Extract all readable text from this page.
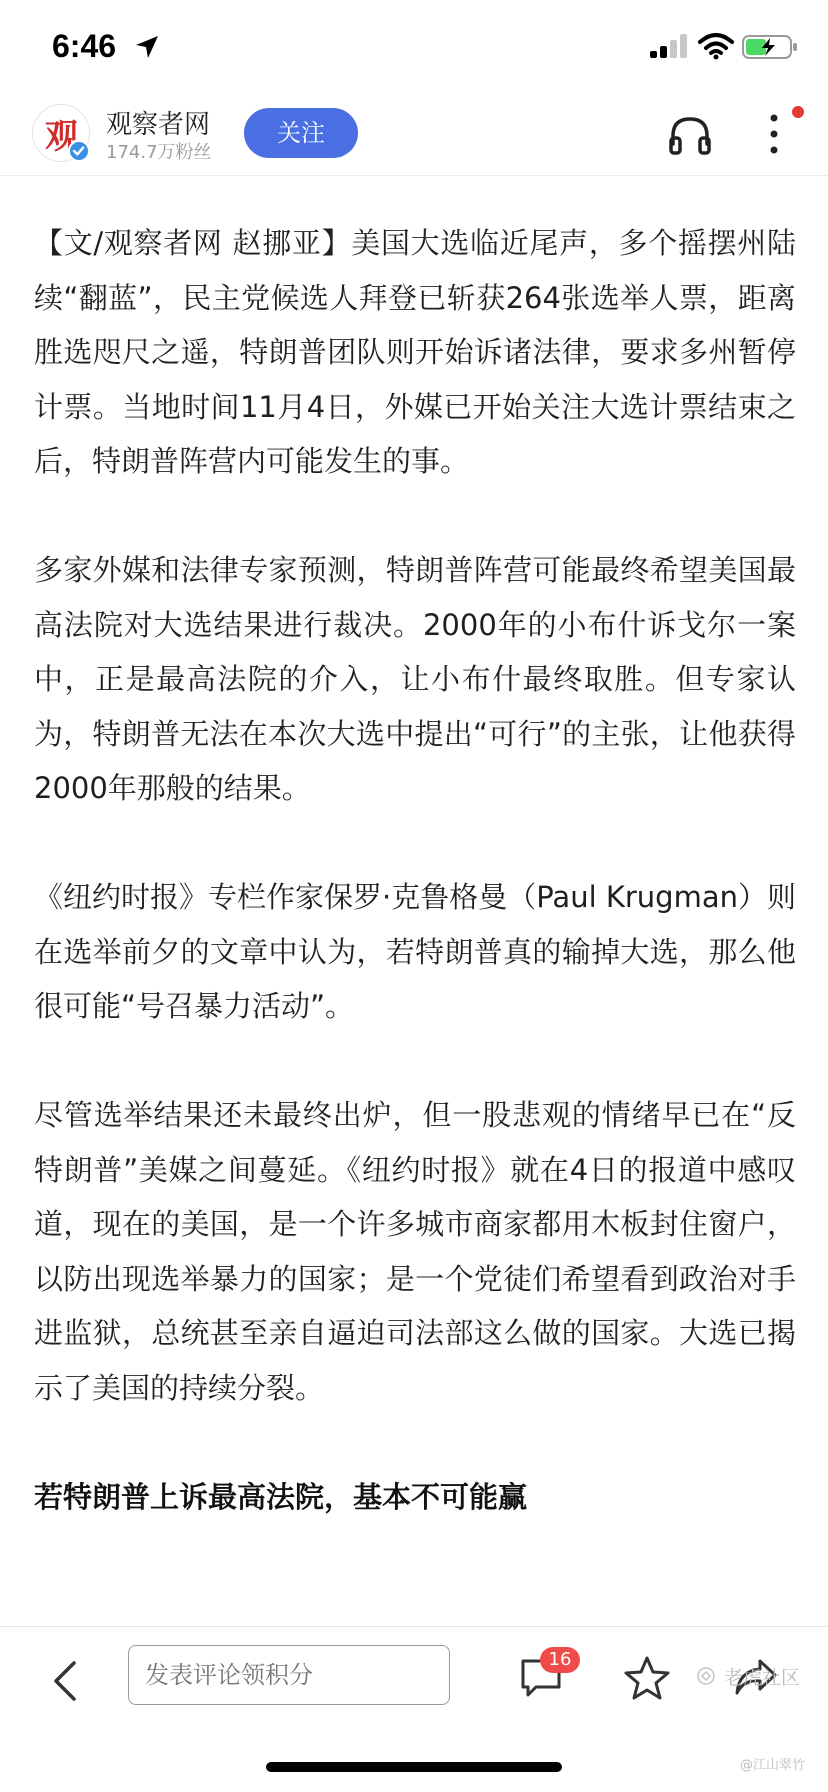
6:46
观	观察者网
174.7万粉丝
关注

【文/观察者网 赵挪亚】美国大选临近尾声，多个摇摆州陆续“翻蓝”，民主党候选人拜登已斩获264张选举人票，距离胜选咫尺之遥，特朗普团队则开始诉诸法律，要求多州暂停计票。当地时间11月4日，外媒已开始关注大选计票结束之后，特朗普阵营内可能发生的事。

多家外媒和法律专家预测，特朗普阵营可能最终希望美国最高法院对大选结果进行裁决。2000年的小布什诉戈尔一案中，正是最高法院的介入，让小布什最终取胜。但专家认为，特朗普无法在本次大选中提出“可行”的主张，让他获得2000年那般的结果。

《纽约时报》专栏作家保罗·克鲁格曼（Paul Krugman）则在选举前夕的文章中认为，若特朗普真的输掉大选，那么他很可能“号召暴力活动”。

尽管选举结果还未最终出炉，但一股悲观的情绪早已在“反特朗普”美媒之间蔓延。《纽约时报》就在4日的报道中感叹道，现在的美国，是一个许多城市商家都用木板封住窗户，以防出现选举暴力的国家；是一个党徒们希望看到政治对手进监狱，总统甚至亲自逼迫司法部这么做的国家。大选已揭示了美国的持续分裂。

若特朗普上诉最高法院，基本不可能赢

发表评论领积分
16
老虎社区
@江山翠竹
